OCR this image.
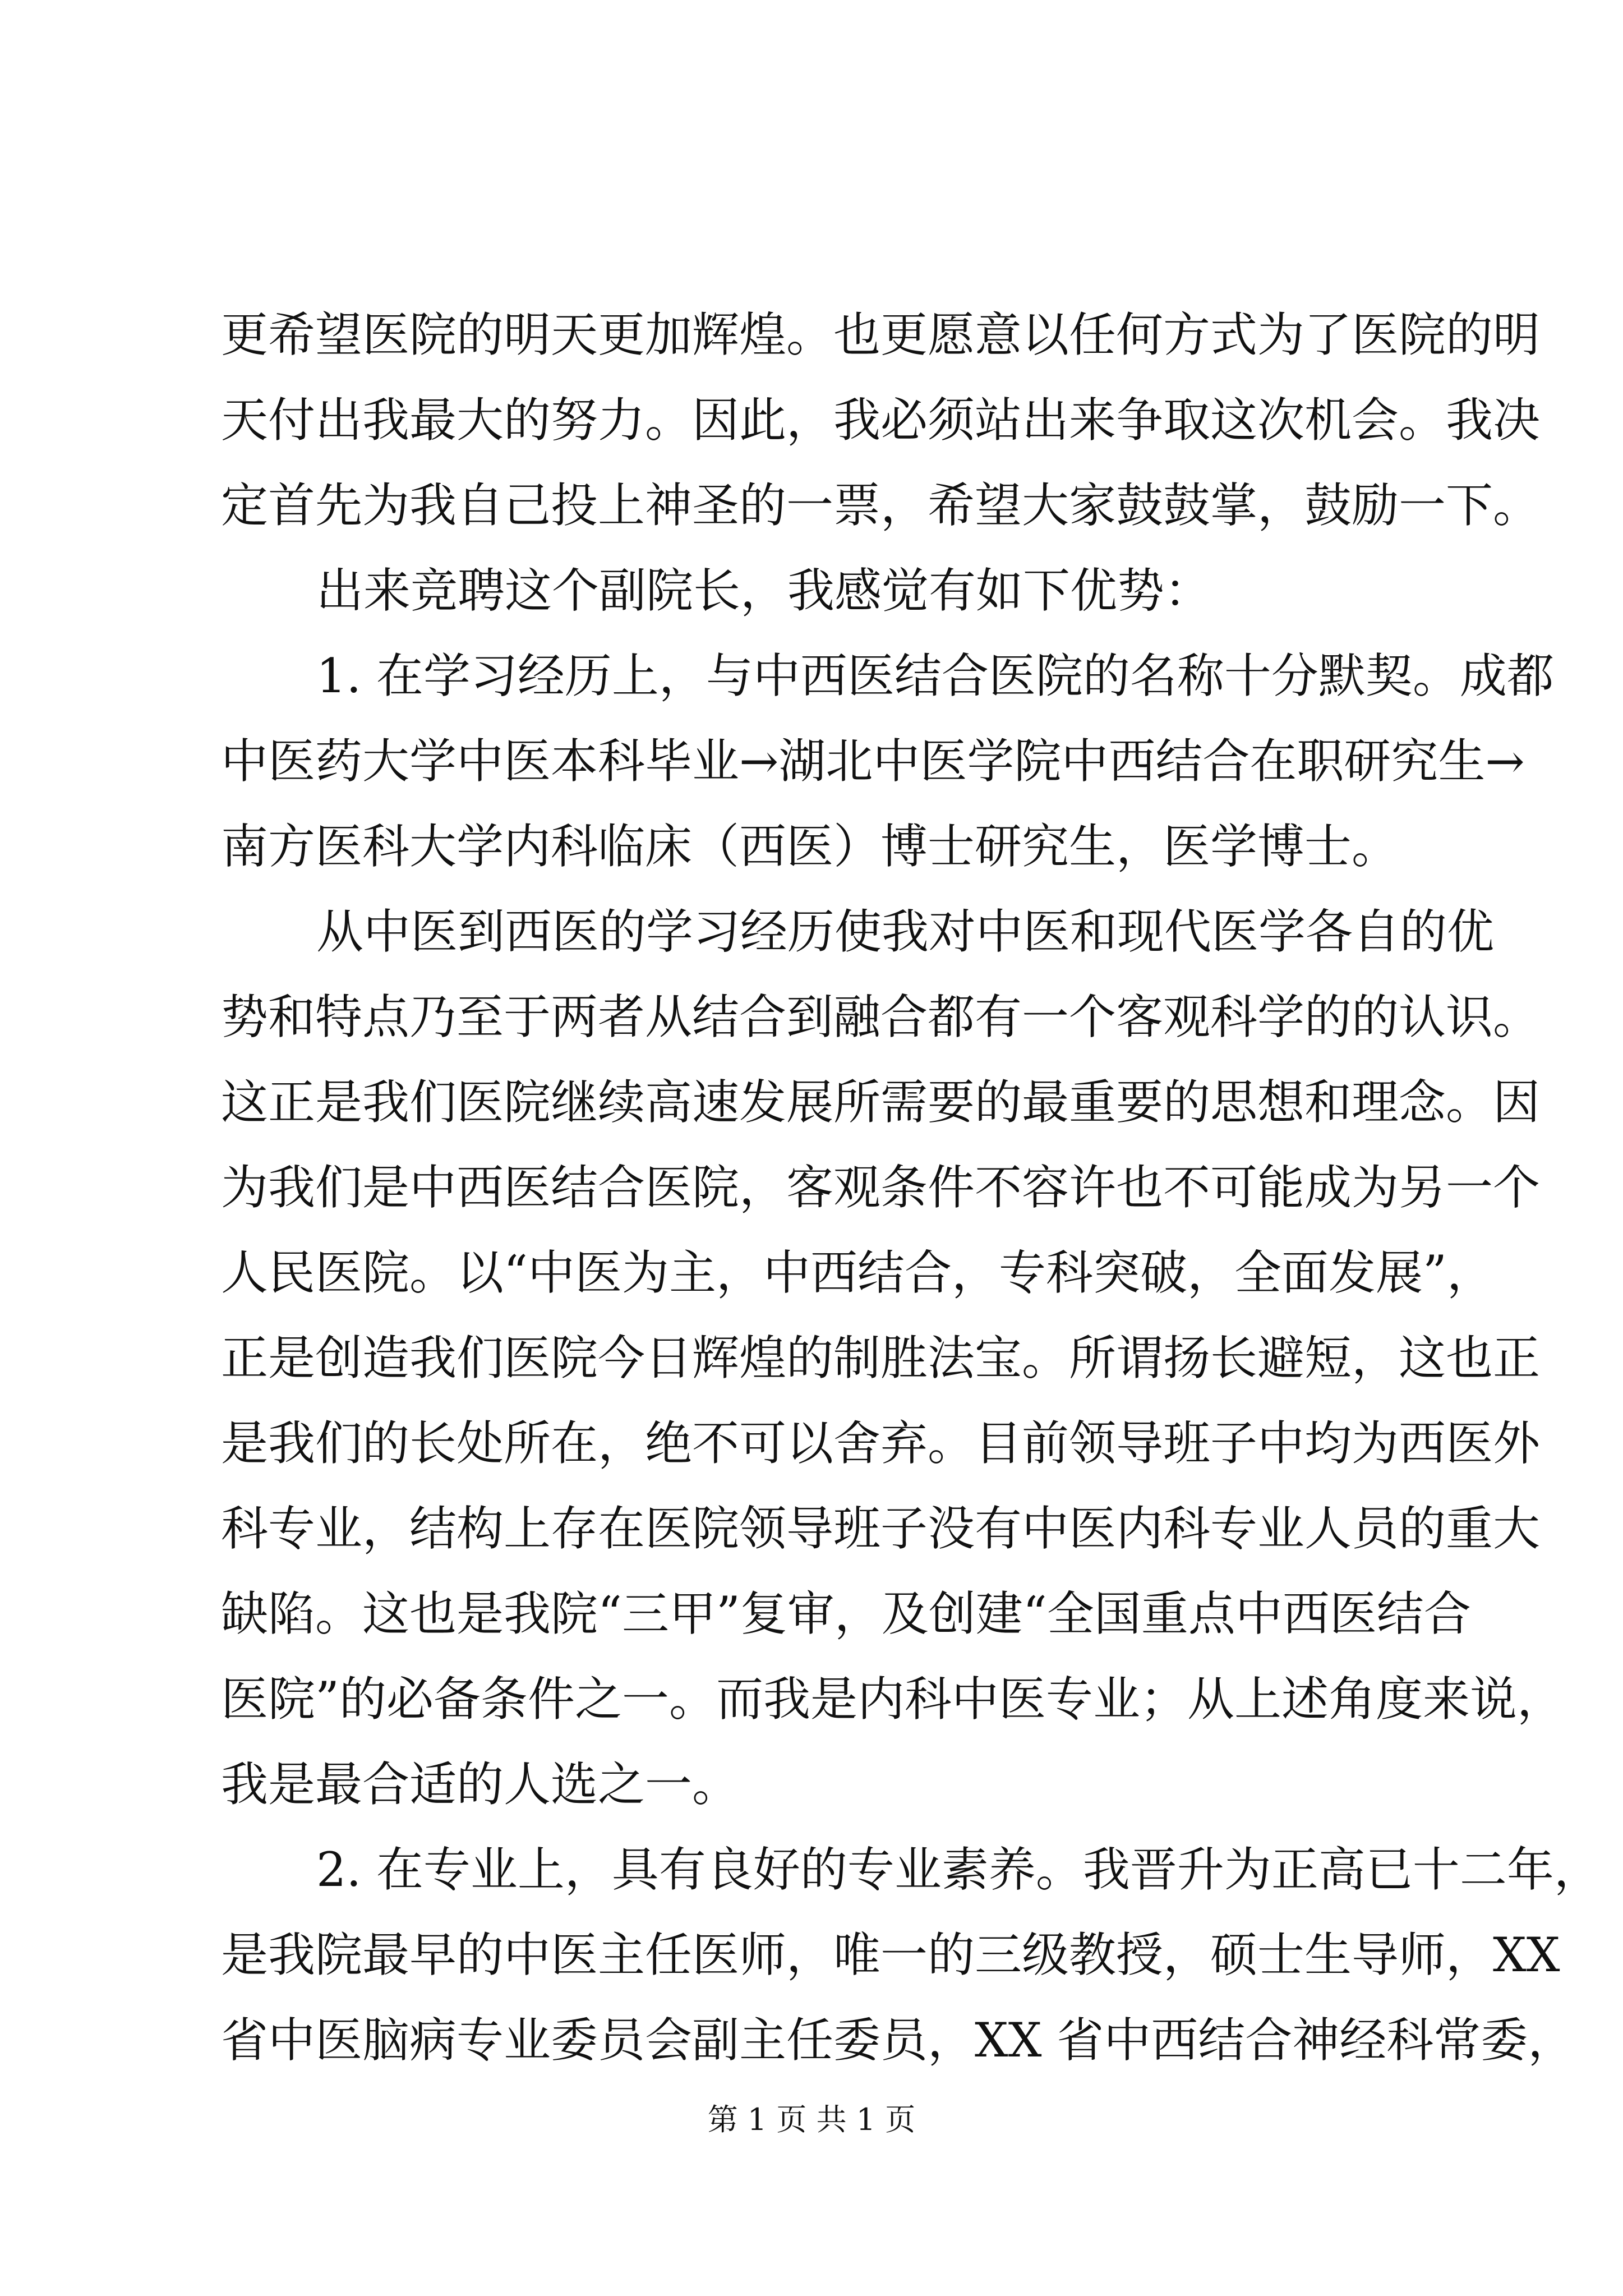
更希望医院的明天更加辉煌。也更愿意以任何方式为了医院的明
天付出我最大的努力。因此，我必须站出来争取这次机会。我决
定首先为我自己投上神圣的一票，希望大家鼓鼓掌，鼓励一下。
出来竞聘这个副院长，我感觉有如下优势：
1. 在学习经历上，与中西医结合医院的名称十分默契。成都
中医药大学中医本科毕业→湖北中医学院中西结合在职研究生→
南方医科大学内科临床（西医）博士研究生，医学博士。
从中医到西医的学习经历使我对中医和现代医学各自的优
势和特点乃至于两者从结合到融合都有一个客观科学的的认识。
这正是我们医院继续高速发展所需要的最重要的思想和理念。因
为我们是中西医结合医院，客观条件不容许也不可能成为另一个
人民医院。以“中医为主，中西结合，专科突破，全面发展”，
正是创造我们医院今日辉煌的制胜法宝。所谓扬长避短，这也正
是我们的长处所在，绝不可以舍弃。目前领导班子中均为西医外
科专业，结构上存在医院领导班子没有中医内科专业人员的重大
缺陷。这也是我院“三甲”复审，及创建“全国重点中西医结合
医院”的必备条件之一。而我是内科中医专业；从上述角度来说，
我是最合适的人选之一。
2. 在专业上，具有良好的专业素养。我晋升为正高已十二年，
是我院最早的中医主任医师，唯一的三级教授，硕士生导师，XX
省中医脑病专业委员会副主任委员，XX 省中西结合神经科常委，
第 1 页 共 1 页
